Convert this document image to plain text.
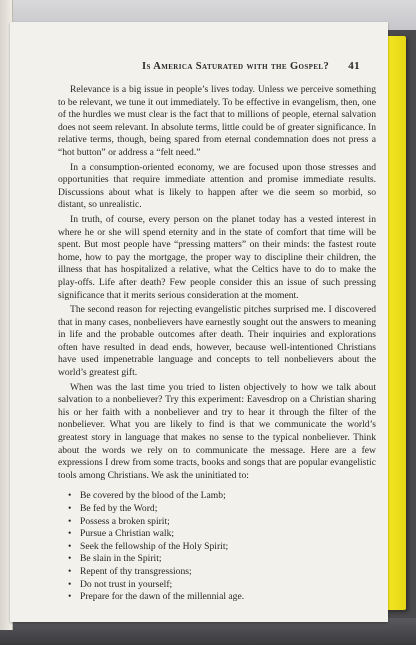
Is America Saturated with the Gospel? 41

Relevance is a big issue in people’s lives today. Unless we perceive something to be relevant, we tune it out immediately. To be effective in evangelism, then, one of the hurdles we must clear is the fact that to millions of people, eternal salvation does not seem relevant. In absolute terms, little could be of greater significance. In relative terms, though, being spared from eternal condemnation does not press a “hot button” or address a “felt need.”

In a consumption-oriented economy, we are focused upon those stresses and opportunities that require immediate attention and promise immediate results. Discussions about what is likely to happen after we die seem so morbid, so distant, so unrealistic.

In truth, of course, every person on the planet today has a vested interest in where he or she will spend eternity and in the state of comfort that time will be spent. But most people have “pressing matters” on their minds: the fastest route home, how to pay the mortgage, the proper way to discipline their children, the illness that has hospitalized a relative, what the Celtics have to do to make the play-offs. Life after death? Few people consider this an issue of such pressing significance that it merits serious consideration at the moment.

The second reason for rejecting evangelistic pitches surprised me. I discovered that in many cases, nonbelievers have earnestly sought out the answers to meaning in life and the probable outcomes after death. Their inquiries and explorations often have resulted in dead ends, however, because well-intentioned Christians have used impenetrable language and concepts to tell nonbelievers about the world’s greatest gift.

When was the last time you tried to listen objectively to how we talk about salvation to a nonbeliever? Try this experiment: Eavesdrop on a Christian sharing his or her faith with a nonbeliever and try to hear it through the filter of the nonbeliever. What you are likely to find is that we communicate the world’s greatest story in language that makes no sense to the typical nonbeliever. Think about the words we rely on to communicate the message. Here are a few expressions I drew from some tracts, books and songs that are popular evangelistic tools among Christians. We ask the uninitiated to:

• Be covered by the blood of the Lamb;
• Be fed by the Word;
• Possess a broken spirit;
• Pursue a Christian walk;
• Seek the fellowship of the Holy Spirit;
• Be slain in the Spirit;
• Repent of thy transgressions;
• Do not trust in yourself;
• Prepare for the dawn of the millennial age.
